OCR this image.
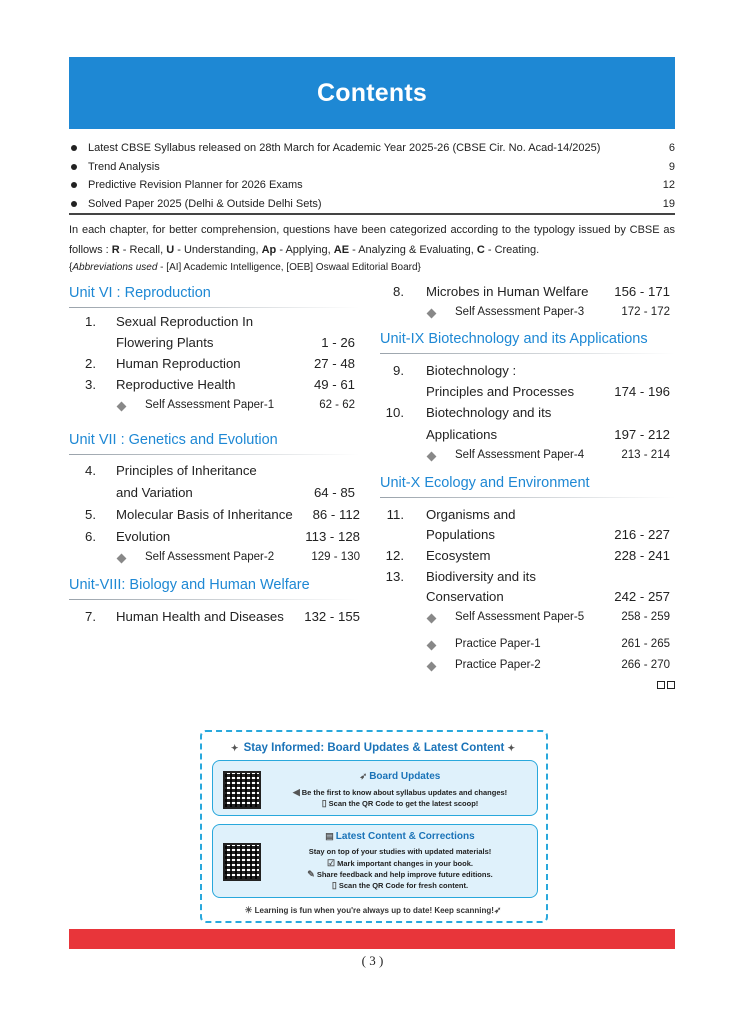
Contents
Latest CBSE Syllabus released on 28th March for Academic Year 2025-26 (CBSE Cir. No. Acad-14/2025)	6
Trend Analysis	9
Predictive Revision Planner for 2026 Exams	12
Solved Paper 2025 (Delhi & Outside Delhi Sets)	19
In each chapter, for better comprehension, questions have been categorized according to the typology issued by CBSE as follows : R - Recall, U - Understanding, Ap - Applying, AE - Analyzing & Evaluating, C - Creating.
{Abbreviations used - [AI] Academic Intelligence, [OEB] Oswaal Editorial Board}
Unit VI : Reproduction
1. Sexual Reproduction In
Flowering Plants	1 - 26
2. Human Reproduction	27 - 48
3. Reproductive Health	49 - 61
Self Assessment Paper-1	62 - 62
Unit VII : Genetics and Evolution
4. Principles of Inheritance
and Variation	64 - 85
5. Molecular Basis of Inheritance	86 - 112
6. Evolution	113 - 128
Self Assessment Paper-2	129 - 130
Unit-VIII: Biology and Human Welfare
7. Human Health and Diseases	132 - 155
8. Microbes in Human Welfare	156 - 171
Self Assessment Paper-3	172 - 172
Unit-IX Biotechnology and its Applications
9. Biotechnology :
Principles and Processes	174 - 196
10. Biotechnology and its
Applications	197 - 212
Self Assessment Paper-4	213 - 214
Unit-X Ecology and Environment
11. Organisms and
Populations	216 - 227
12. Ecosystem	228 - 241
13. Biodiversity and its
Conservation	242 - 257
Self Assessment Paper-5	258 - 259
Practice Paper-1	261 - 265
Practice Paper-2	266 - 270
✦ Stay Informed: Board Updates & Latest Content ✦
➶ Board Updates
◀ Be the first to know about syllabus updates and changes!
▯ Scan the QR Code to get the latest scoop!
▤ Latest Content & Corrections
Stay on top of your studies with updated materials!
☑ Mark important changes in your book.
✎ Share feedback and help improve future editions.
▯ Scan the QR Code for fresh content.
☀ Learning is fun when you're always up to date! Keep scanning!➶
( 3 )
